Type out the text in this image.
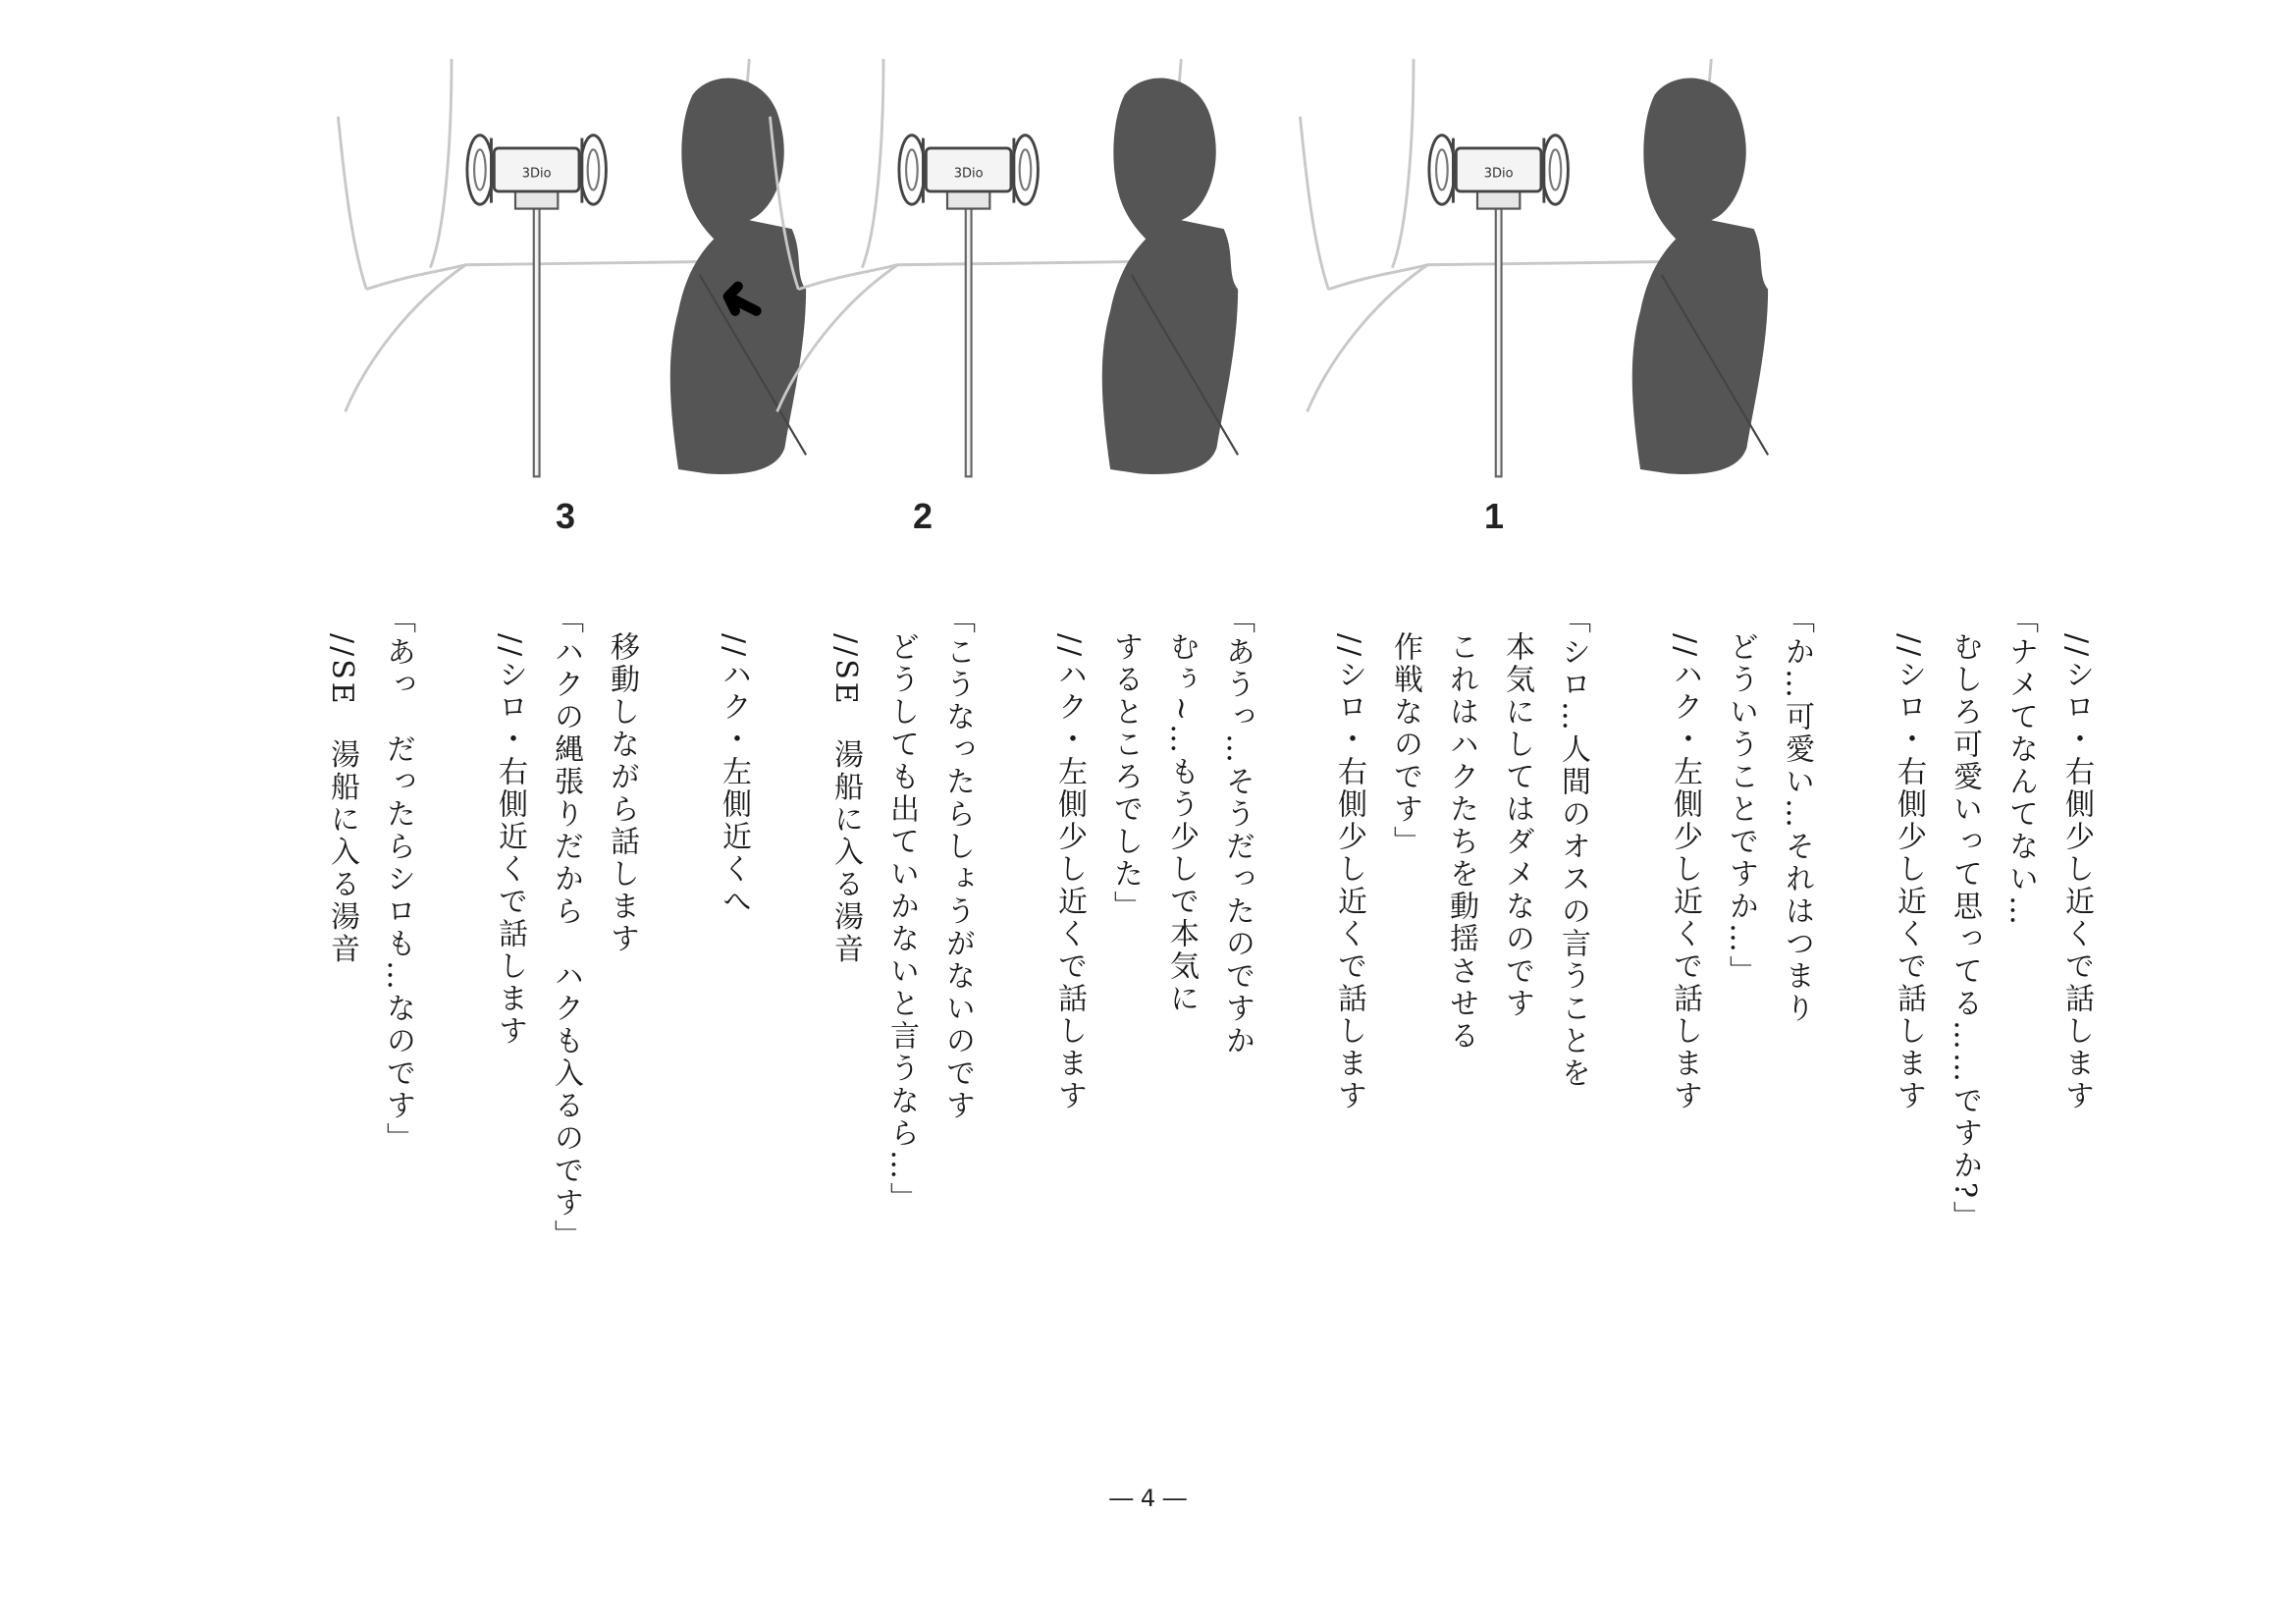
3Dio
3
3Dio
2
3Dio
1
//シロ・右側少し近くで話します
「ナメてなんてない…
むしろ可愛いって思ってる……ですか?」
//シロ・右側少し近くで話します
「か…可愛い…それはつまり
どういうことですか…」
//ハク・左側少し近くで話します
「シロ…人間のオスの言うことを
本気にしてはダメなのです
これはハクたちを動揺させる
作戦なのです」
//シロ・右側少し近くで話します
「あうっ…そうだったのですか
むぅ~…もう少しで本気に
するところでした」
//ハク・左側少し近くで話します
「こうなったらしょうがないのです
どうしても出ていかないと言うなら…」
//SE　湯船に入る湯音
//ハク・左側近くへ
移動しながら話します
「ハクの縄張りだから　ハクも入るのです」
//シロ・右側近くで話します
「あっ　だったらシロも…なのです」
//SE　湯船に入る湯音
― 4 ―
